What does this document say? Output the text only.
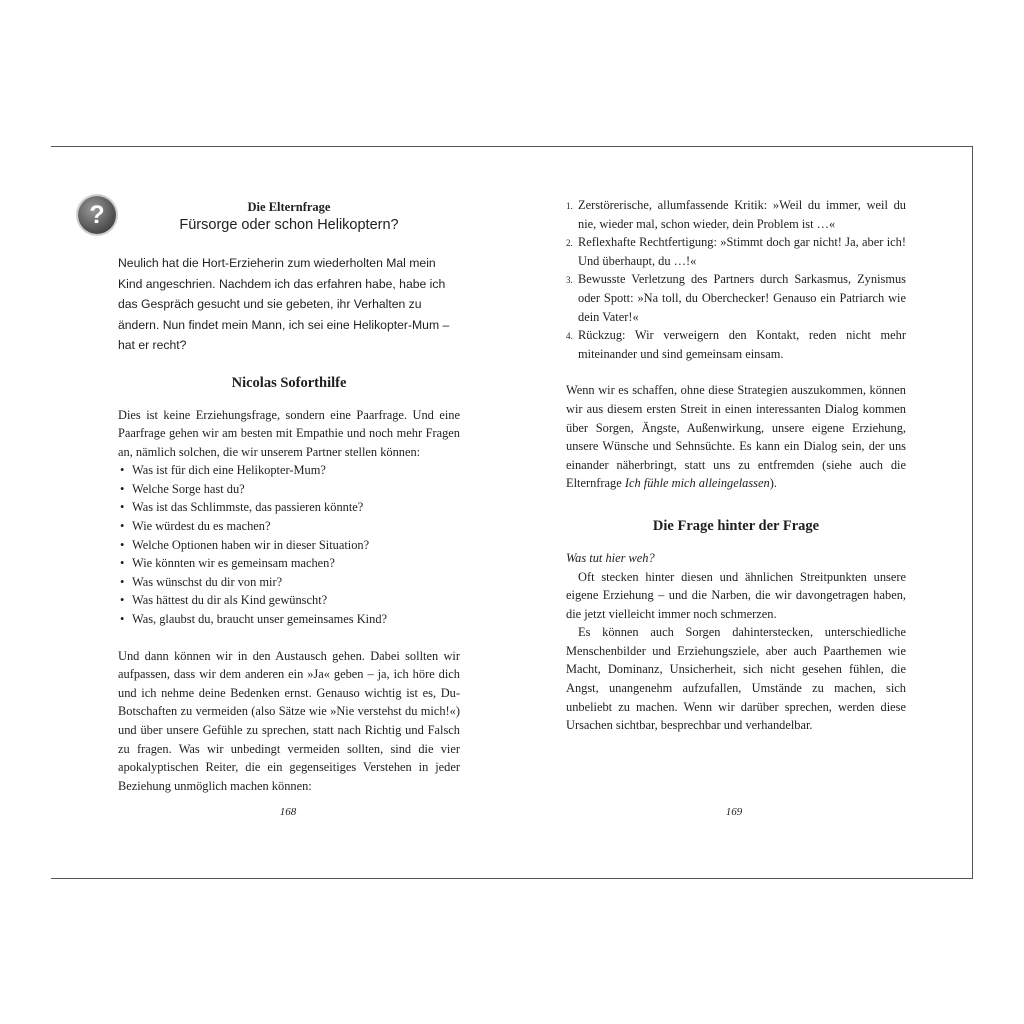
?	Die Elternfrage
Fürsorge oder schon Helikoptern?

Neulich hat die Hort-Erzieherin zum wiederholten Mal mein Kind angeschrien. Nachdem ich das erfahren habe, habe ich das Gespräch gesucht und sie gebeten, ihr Verhalten zu ändern. Nun findet mein Mann, ich sei eine Helikopter-Mum – hat er recht?

Nicolas Soforthilfe

Dies ist keine Erziehungsfrage, sondern eine Paarfrage. Und eine Paarfrage gehen wir am besten mit Empathie und noch mehr Fragen an, nämlich solchen, die wir unserem Partner stellen können:

• Was ist für dich eine Helikopter-Mum?
• Welche Sorge hast du?
• Was ist das Schlimmste, das passieren könnte?
• Wie würdest du es machen?
• Welche Optionen haben wir in dieser Situation?
• Wie könnten wir es gemeinsam machen?
• Was wünschst du dir von mir?
• Was hättest du dir als Kind gewünscht?
• Was, glaubst du, braucht unser gemeinsames Kind?

Und dann können wir in den Austausch gehen. Dabei sollten wir aufpassen, dass wir dem anderen ein »Ja« geben – ja, ich höre dich und ich nehme deine Bedenken ernst. Genauso wichtig ist es, Du-Botschaften zu vermeiden (also Sätze wie »Nie verstehst du mich!«) und über unsere Gefühle zu sprechen, statt nach Richtig und Falsch zu fragen. Was wir unbedingt vermeiden sollten, sind die vier apokalyptischen Reiter, die ein gegenseitiges Verstehen in jeder Beziehung unmöglich machen können:

1. Zerstörerische, allumfassende Kritik: »Weil du immer, weil du nie, wieder mal, schon wieder, dein Problem ist …«
2. Reflexhafte Rechtfertigung: »Stimmt doch gar nicht! Ja, aber ich! Und überhaupt, du …!«
3. Bewusste Verletzung des Partners durch Sarkasmus, Zynismus oder Spott: »Na toll, du Oberchecker! Genauso ein Patriarch wie dein Vater!«
4. Rückzug: Wir verweigern den Kontakt, reden nicht mehr miteinander und sind gemeinsam einsam.

Wenn wir es schaffen, ohne diese Strategien auszukommen, können wir aus diesem ersten Streit in einen interessanten Dialog kommen über Sorgen, Ängste, Außenwirkung, unsere eigene Erziehung, unsere Wünsche und Sehnsüchte. Es kann ein Dialog sein, der uns einander näherbringt, statt uns zu entfremden (siehe auch die Elternfrage Ich fühle mich alleingelassen).

Die Frage hinter der Frage

Was tut hier weh?

Oft stecken hinter diesen und ähnlichen Streitpunkten unsere eigene Erziehung – und die Narben, die wir davongetragen haben, die jetzt vielleicht immer noch schmerzen.

Es können auch Sorgen dahinterstecken, unterschiedliche Menschenbilder und Erziehungsziele, aber auch Paarthemen wie Macht, Dominanz, Unsicherheit, sich nicht gesehen fühlen, die Angst, unangenehm aufzufallen, Umstände zu machen, sich unbeliebt zu machen. Wenn wir darüber sprechen, werden diese Ursachen sichtbar, besprechbar und verhandelbar.

168	169
